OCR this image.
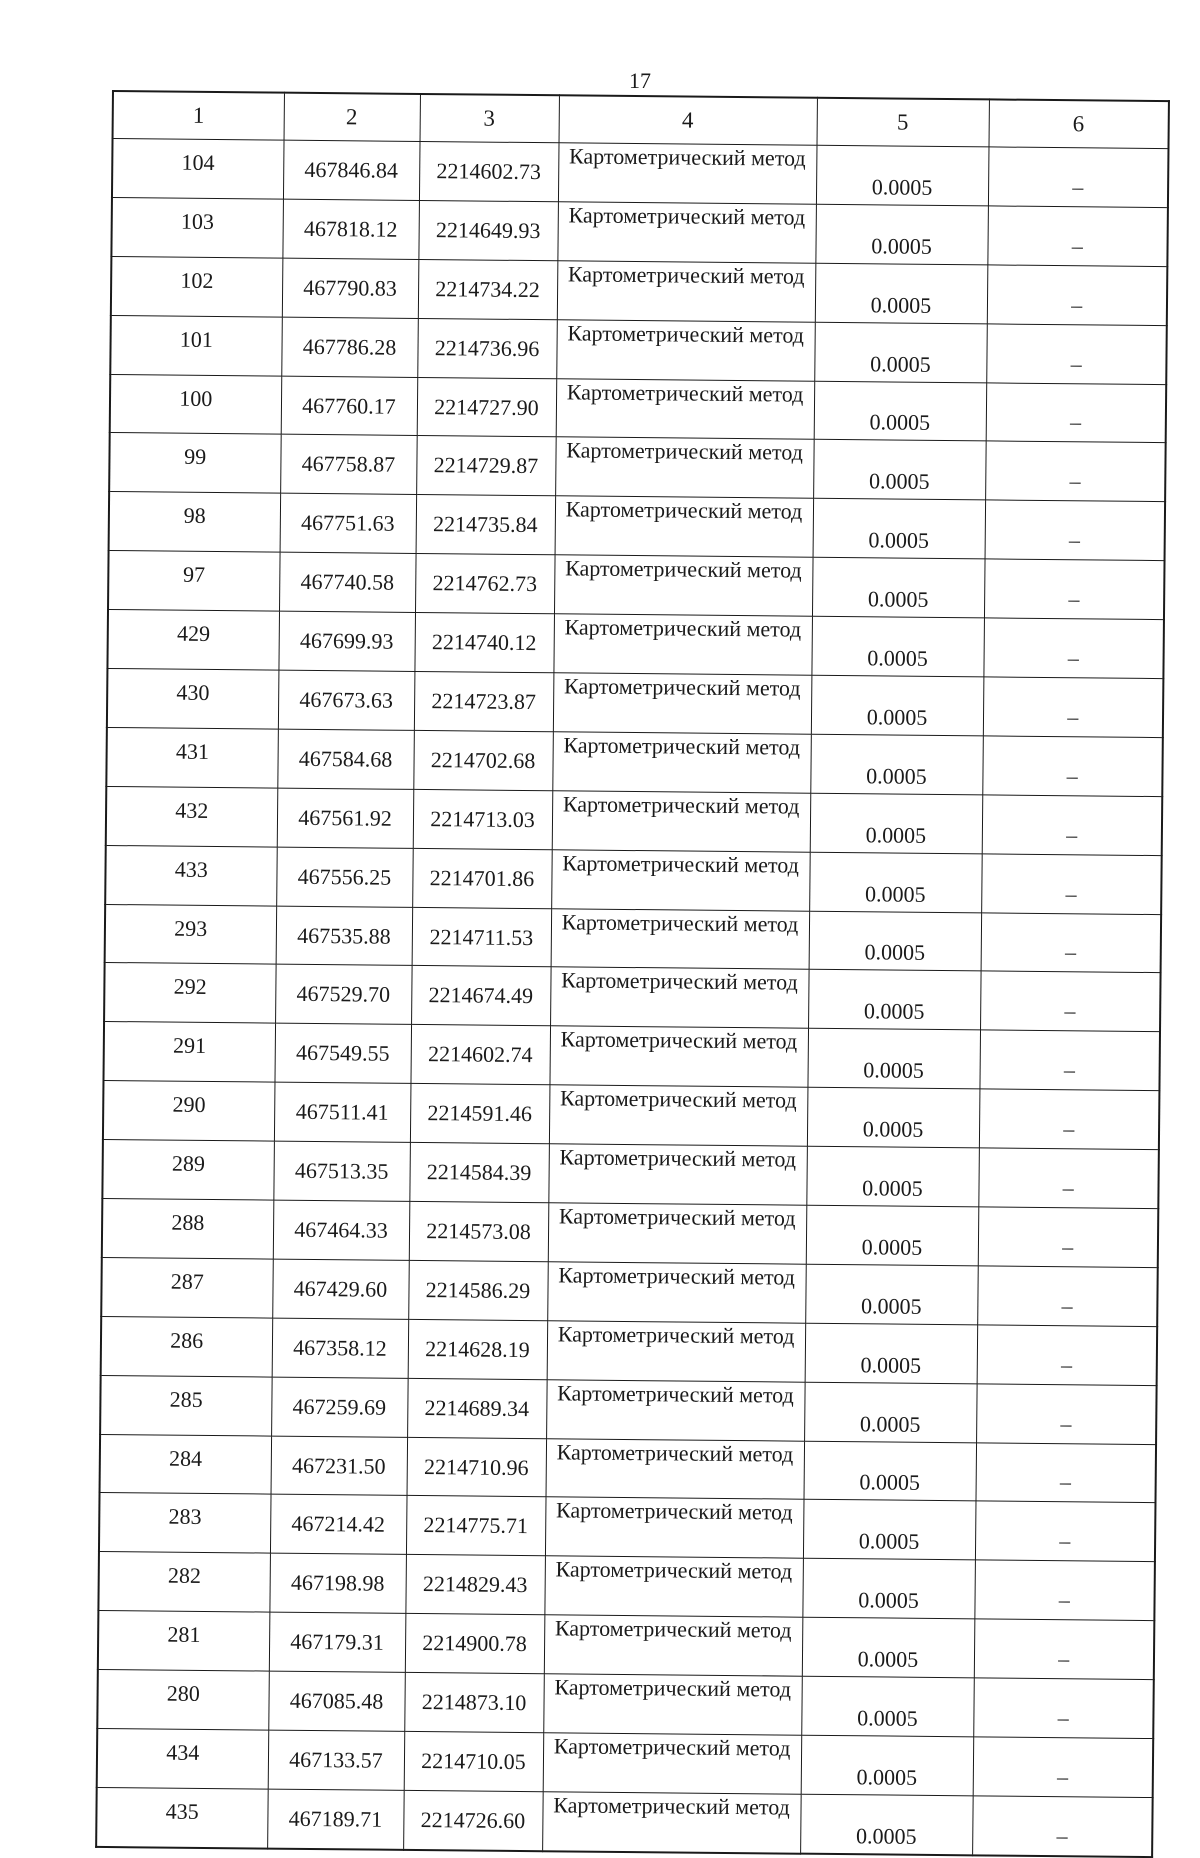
17
1	2	3	4	5	6
104	467846.84	2214602.73	Картометрический метод	0.0005	–
103	467818.12	2214649.93	Картометрический метод	0.0005	–
102	467790.83	2214734.22	Картометрический метод	0.0005	–
101	467786.28	2214736.96	Картометрический метод	0.0005	–
100	467760.17	2214727.90	Картометрический метод	0.0005	–
99	467758.87	2214729.87	Картометрический метод	0.0005	–
98	467751.63	2214735.84	Картометрический метод	0.0005	–
97	467740.58	2214762.73	Картометрический метод	0.0005	–
429	467699.93	2214740.12	Картометрический метод	0.0005	–
430	467673.63	2214723.87	Картометрический метод	0.0005	–
431	467584.68	2214702.68	Картометрический метод	0.0005	–
432	467561.92	2214713.03	Картометрический метод	0.0005	–
433	467556.25	2214701.86	Картометрический метод	0.0005	–
293	467535.88	2214711.53	Картометрический метод	0.0005	–
292	467529.70	2214674.49	Картометрический метод	0.0005	–
291	467549.55	2214602.74	Картометрический метод	0.0005	–
290	467511.41	2214591.46	Картометрический метод	0.0005	–
289	467513.35	2214584.39	Картометрический метод	0.0005	–
288	467464.33	2214573.08	Картометрический метод	0.0005	–
287	467429.60	2214586.29	Картометрический метод	0.0005	–
286	467358.12	2214628.19	Картометрический метод	0.0005	–
285	467259.69	2214689.34	Картометрический метод	0.0005	–
284	467231.50	2214710.96	Картометрический метод	0.0005	–
283	467214.42	2214775.71	Картометрический метод	0.0005	–
282	467198.98	2214829.43	Картометрический метод	0.0005	–
281	467179.31	2214900.78	Картометрический метод	0.0005	–
280	467085.48	2214873.10	Картометрический метод	0.0005	–
434	467133.57	2214710.05	Картометрический метод	0.0005	–
435	467189.71	2214726.60	Картометрический метод	0.0005	–
